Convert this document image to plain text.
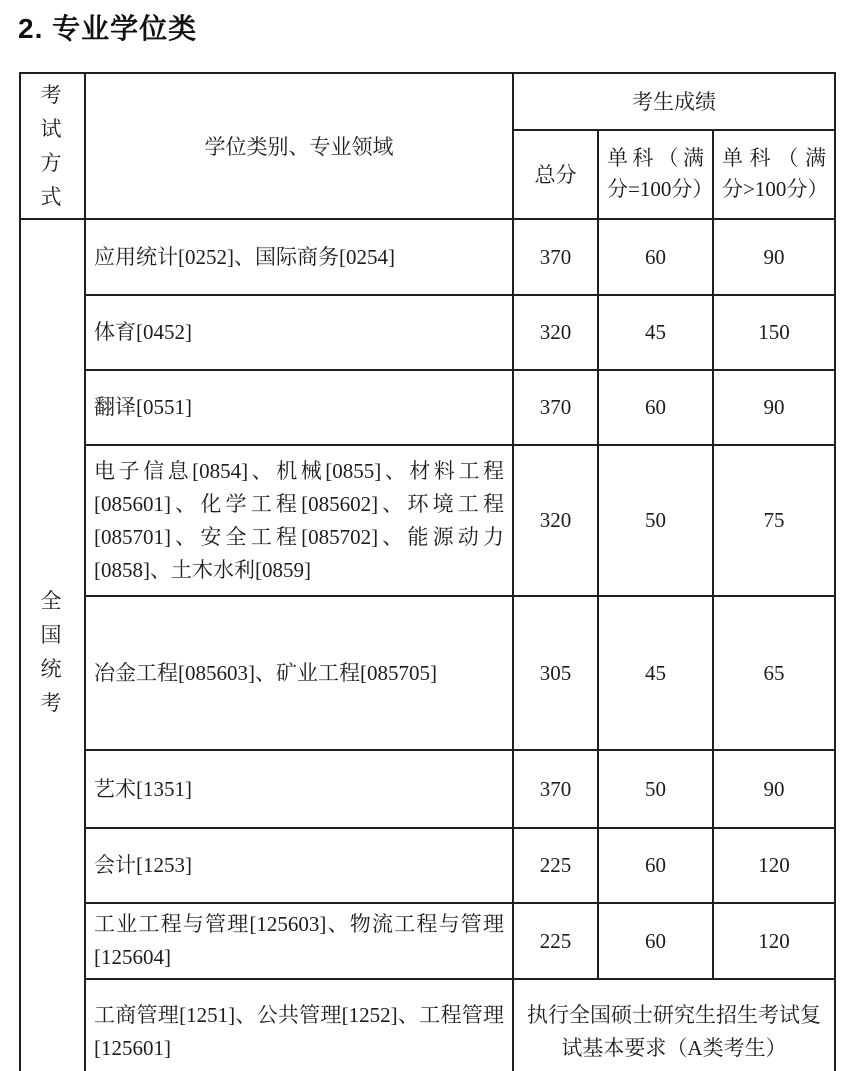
2. 专业学位类
考试方式	学位类别、专业领域	考生成绩		
		总分	单科（满分=100分）	单科（满分>100分）
全国统考	应用统计[0252]、国际商务[0254]	370	60	90
	体育[0452]	320	45	150
	翻译[0551]	370	60	90
	电子信息[0854]、机械[0855]、材料工程[085601]、化学工程[085602]、环境工程[085701]、安全工程[085702]、能源动力[0858]、土木水利[0859]	320	50	75
	冶金工程[085603]、矿业工程[085705]	305	45	65
	艺术[1351]	370	50	90
	会计[1253]	225	60	120
	工业工程与管理[125603]、物流工程与管理[125604]	225	60	120
	工商管理[1251]、公共管理[1252]、工程管理[125601]	执行全国硕士研究生招生考试复试基本要求（A类考生）		
